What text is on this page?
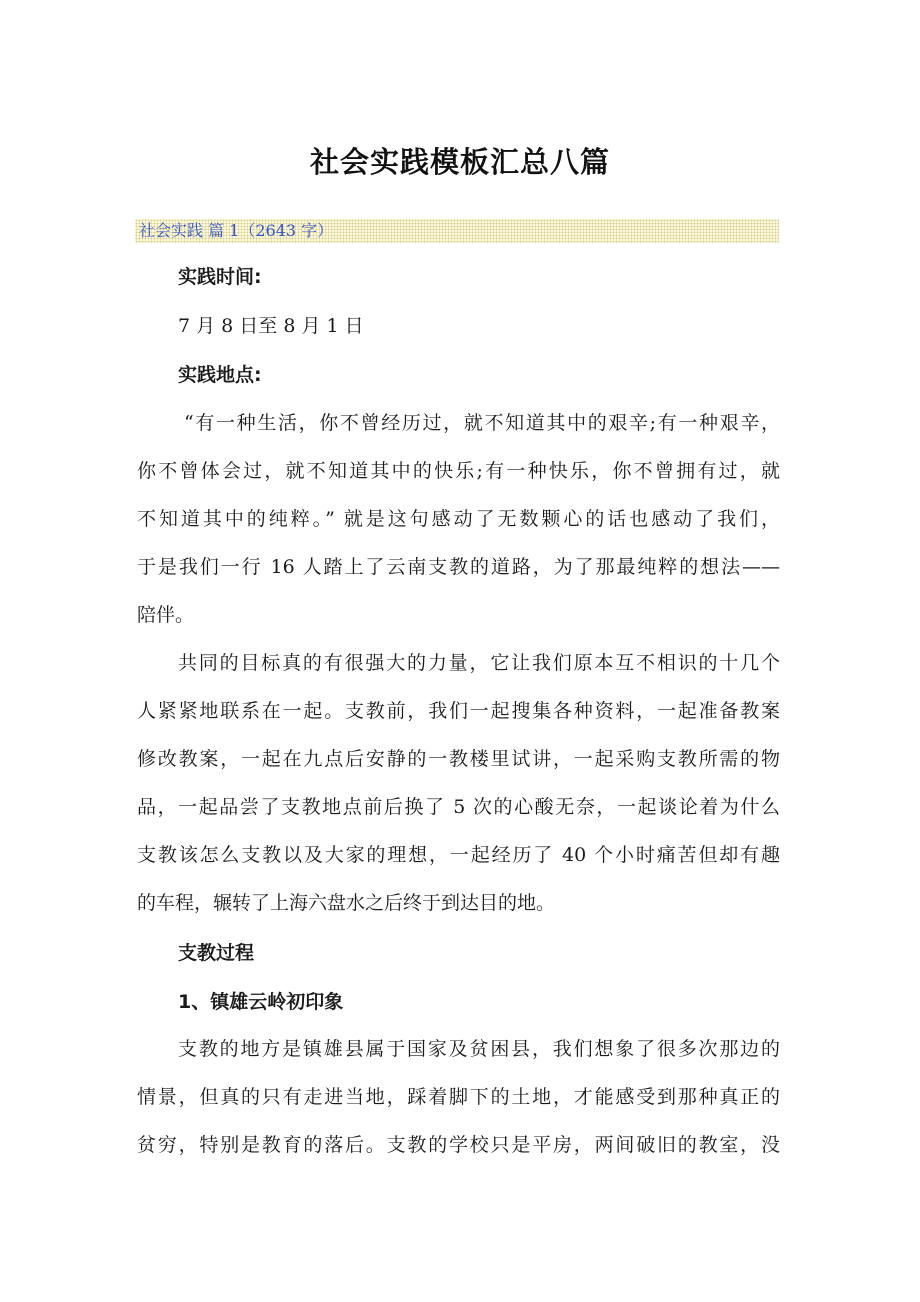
社会实践模板汇总八篇
社会实践 篇 1（2643 字）
实践时间:
7 月 8 日至 8 月 1 日
实践地点:
“有一种生活，你不曾经历过，就不知道其中的艰辛;有一种艰辛，
你不曾体会过，就不知道其中的快乐;有一种快乐，你不曾拥有过，就
不知道其中的纯粹。” 就是这句感动了无数颗心的话也感动了我们，
于是我们一行 16 人踏上了云南支教的道路，为了那最纯粹的想法——
陪伴。
共同的目标真的有很强大的力量，它让我们原本互不相识的十几个
人紧紧地联系在一起。支教前，我们一起搜集各种资料，一起准备教案
修改教案，一起在九点后安静的一教楼里试讲，一起采购支教所需的物
品，一起品尝了支教地点前后换了 5 次的心酸无奈，一起谈论着为什么
支教该怎么支教以及大家的理想，一起经历了 40 个小时痛苦但却有趣
的车程，辗转了上海六盘水之后终于到达目的地。
支教过程
1、镇雄云岭初印象
支教的地方是镇雄县属于国家及贫困县，我们想象了很多次那边的
情景，但真的只有走进当地，踩着脚下的土地，才能感受到那种真正的
贫穷，特别是教育的落后。支教的学校只是平房，两间破旧的教室，没
